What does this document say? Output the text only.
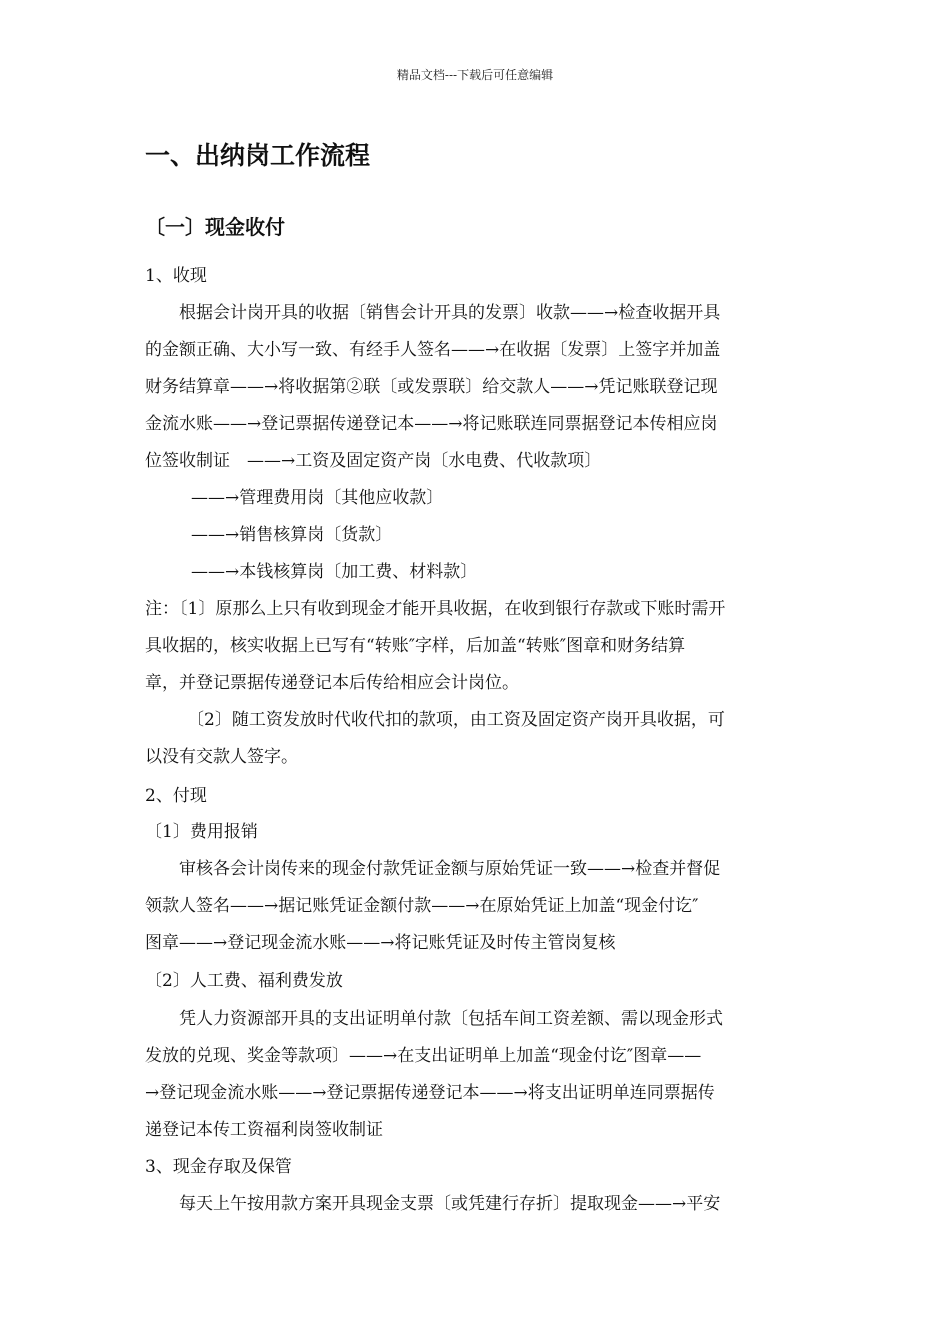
精品文档---下载后可任意编辑
一、出纳岗工作流程
〔一〕现金收付
1、收现
根据会计岗开具的收据〔销售会计开具的发票〕收款——→检查收据开具
的金额正确、大小写一致、有经手人签名——→在收据〔发票〕上签字并加盖
财务结算章——→将收据第②联〔或发票联〕给交款人——→凭记账联登记现
金流水账——→登记票据传递登记本——→将记账联连同票据登记本传相应岗
位签收制证　——→工资及固定资产岗〔水电费、代收款项〕
——→管理费用岗〔其他应收款〕
——→销售核算岗〔货款〕
——→本钱核算岗〔加工费、材料款〕
注：〔1〕原那么上只有收到现金才能开具收据，在收到银行存款或下账时需开
具收据的，核实收据上已写有“转账″字样，后加盖“转账″图章和财务结算
章，并登记票据传递登记本后传给相应会计岗位。
〔2〕随工资发放时代收代扣的款项，由工资及固定资产岗开具收据，可
以没有交款人签字。
2、付现
〔1〕费用报销
审核各会计岗传来的现金付款凭证金额与原始凭证一致——→检查并督促
领款人签名——→据记账凭证金额付款——→在原始凭证上加盖“现金付讫″
图章——→登记现金流水账——→将记账凭证及时传主管岗复核
〔2〕人工费、福利费发放
凭人力资源部开具的支出证明单付款〔包括车间工资差额、需以现金形式
发放的兑现、奖金等款项〕——→在支出证明单上加盖“现金付讫″图章——
→登记现金流水账——→登记票据传递登记本——→将支出证明单连同票据传
递登记本传工资福利岗签收制证
3、现金存取及保管
每天上午按用款方案开具现金支票〔或凭建行存折〕提取现金——→平安
